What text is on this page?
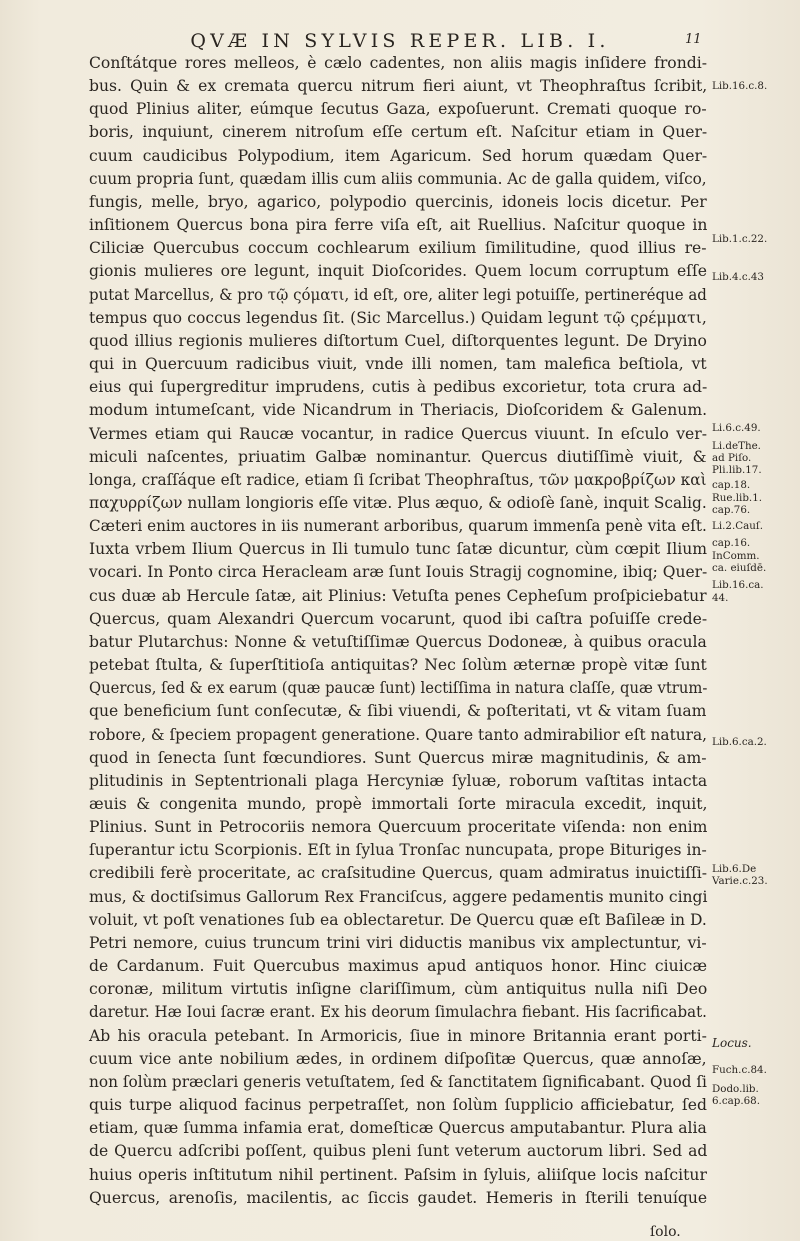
QVÆ IN SYLVIS REPER. LIB. I.	11
Conſtátque rores melleos, è cælo cadentes, non aliis magis inſidere frondi-
bus. Quin & ex cremata quercu nitrum fieri aiunt, vt Theophraſtus ſcribit,
quod Plinius aliter, eúmque ſecutus Gaza, expoſuerunt. Cremati quoque ro-
boris, inquiunt, cinerem nitroſum eſſe certum eſt. Naſcitur etiam in Quer-
cuum caudicibus Polypodium, item Agaricum. Sed horum quædam Quer-
cuum propria ſunt, quædam illis cum aliis communia. Ac de galla quidem, viſco,
fungis, melle, bryo, agarico, polypodio quercinis, idoneis locis dicetur. Per
inſitionem Quercus bona pira ferre viſa eſt, ait Ruellius. Naſcitur quoque in
Ciliciæ Quercubus coccum cochlearum exilium ſimilitudine, quod illius re-
gionis mulieres ore legunt, inquit Dioſcorides. Quem locum corruptum eſſe
putat Marcellus, & pro τῷ ςόματι, id eſt, ore, aliter legi potuiſſe, pertineréque ad
tempus quo coccus legendus ſit. (Sic Marcellus.) Quidam legunt τῷ ςρέμματι,
quod illius regionis mulieres diſtortum Cuel, diſtorquentes legunt. De Dryino
qui in Quercuum radicibus viuit, vnde illi nomen, tam malefica beſtiola, vt
eius qui ſupergreditur imprudens, cutis à pedibus excorietur, tota crura ad-
modum intumeſcant, vide Nicandrum in Theriacis, Dioſcoridem & Galenum.
Vermes etiam qui Raucæ vocantur, in radice Quercus viuunt. In eſculo ver-
miculi naſcentes, priuatim Galbæ nominantur. Quercus diutiſſimè viuit, &
longa, craſſáque eſt radice, etiam ſi ſcribat Theophraſtus, τῶν μακροβρίζων καὶ
παχυρρίζων nullam longioris eſſe vitæ. Plus æquo, & odioſè ſanè, inquit Scalig.
Cæteri enim auctores in iis numerant arboribus, quarum immenſa penè vita eſt.
Iuxta vrbem Ilium Quercus in Ili tumulo tunc ſatæ dicuntur, cùm cœpit Ilium
vocari. In Ponto circa Heracleam aræ ſunt Iouis Stragij cognomine, ibiq; Quer-
cus duæ ab Hercule ſatæ, ait Plinius: Vetuſta penes Cepheſum proſpiciebatur
Quercus, quam Alexandri Quercum vocarunt, quod ibi caſtra poſuiſſe crede-
batur Plutarchus: Nonne & vetuſtiſſimæ Quercus Dodoneæ, à quibus oracula
petebat ſtulta, & ſuperſtitioſa antiquitas? Nec ſolùm æternæ propè vitæ ſunt
Quercus, ſed & ex earum (quæ paucæ ſunt) lectiſſima in natura claſſe, quæ vtrum-
que beneficium ſunt conſecutæ, & ſibi viuendi, & poſteritati, vt & vitam ſuam
robore, & ſpeciem propagent generatione. Quare tanto admirabilior eſt natura,
quod in ſenecta ſunt fœcundiores. Sunt Quercus miræ magnitudinis, & am-
plitudinis in Septentrionali plaga Hercyniæ ſyluæ, roborum vaſtitas intacta
æuis & congenita mundo, propè immortali ſorte miracula excedit, inquit,
Plinius. Sunt in Petrocoriis nemora Quercuum proceritate viſenda: non enim
ſuperantur ictu Scorpionis. Eſt in ſylua Tronſac nuncupata, prope Bituriges in-
credibili ferè proceritate, ac craſsitudine Quercus, quam admiratus inuictiſſi-
mus, & doctiſsimus Gallorum Rex Franciſcus, aggere pedamentis munito cingi
voluit, vt poſt venationes ſub ea oblectaretur. De Quercu quæ eſt Baſileæ in D.
Petri nemore, cuius truncum trini viri diductis manibus vix amplectuntur, vi-
de Cardanum. Fuit Quercubus maximus apud antiquos honor. Hinc ciuicæ
coronæ, militum virtutis inſigne clariſſimum, cùm antiquitus nulla niſi Deo
daretur. Hæ Ioui ſacræ erant. Ex his deorum ſimulachra fiebant. His ſacrificabat.
Ab his oracula petebant. In Armoricis, ſiue in minore Britannia erant porti-
cuum vice ante nobilium ædes, in ordinem diſpoſitæ Quercus, quæ annoſæ,
non ſolùm præclari generis vetuſtatem, ſed & ſanctitatem ſignificabant. Quod ſi
quis turpe aliquod facinus perpetraſſet, non ſolùm ſupplicio afficiebatur, ſed
etiam, quæ ſumma infamia erat, domeſticæ Quercus amputabantur. Plura alia
de Quercu adſcribi poſſent, quibus pleni ſunt veterum auctorum libri. Sed ad
huius operis inſtitutum nihil pertinent. Paſsim in ſyluis, aliiſque locis naſcitur
Quercus, arenoſis, macilentis, ac ſiccis gaudet. Hemeris in ſterili tenuíque
Lib.16.c.8.
Lib.1.c.22.
Lib.4.c.43
Li.6.c.49.
Li.deThe.
ad Piſo.
Pli.lib.17.
cap.18.
Rue.lib.1.
cap.76.
Li.2.Cauſ.
cap.16.
InComm.
ca. eiuſdē.
Lib.16.ca.
44.
Lib.6.ca.2.
Lib.6.De
Varie.c.23.
Locus.
Fuch.c.84.
Dodo.lib.
6.cap.68.
ſolo.
